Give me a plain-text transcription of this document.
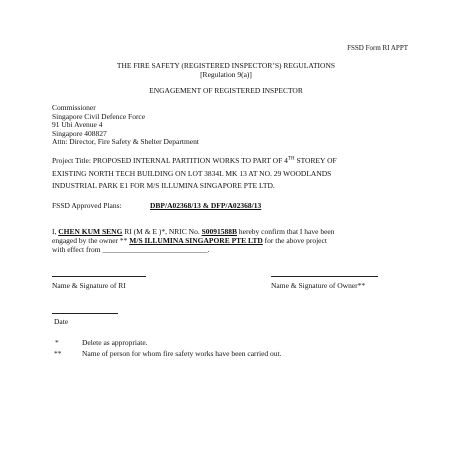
FSSD Form RI APPT
THE FIRE SAFETY (REGISTERED INSPECTOR’S) REGULATIONS
[Regulation 9(a)]
ENGAGEMENT OF REGISTERED INSPECTOR
Commissioner
Singapore Civil Defence Force
91 Ubi Avenue 4
Singapore 408827
Attn: Director, Fire Safety & Shelter Department
Project Title: PROPOSED INTERNAL PARTITION WORKS TO PART OF 4TH STOREY OF
EXISTING NORTH TECH BUILDING ON LOT 3834L MK 13 AT NO. 29 WOODLANDS
INDUSTRIAL PARK E1 FOR M/S ILLUMINA SINGAPORE PTE LTD.
FSSD Approved Plans:	DBP/A02368/13 & DFP/A02368/13
I, CHEN KUM SENG RI (M & E )*, NRIC No. S0091588B hereby confirm that I have been
engaged by the owner ** M/S ILLUMINA SINGAPORE PTE LTD for the above project
with effect from ____________________________.
Name & Signature of RI	Name & Signature of Owner**
Date
*	Delete as appropriate.
**	Name of person for whom fire safety works have been carried out.
